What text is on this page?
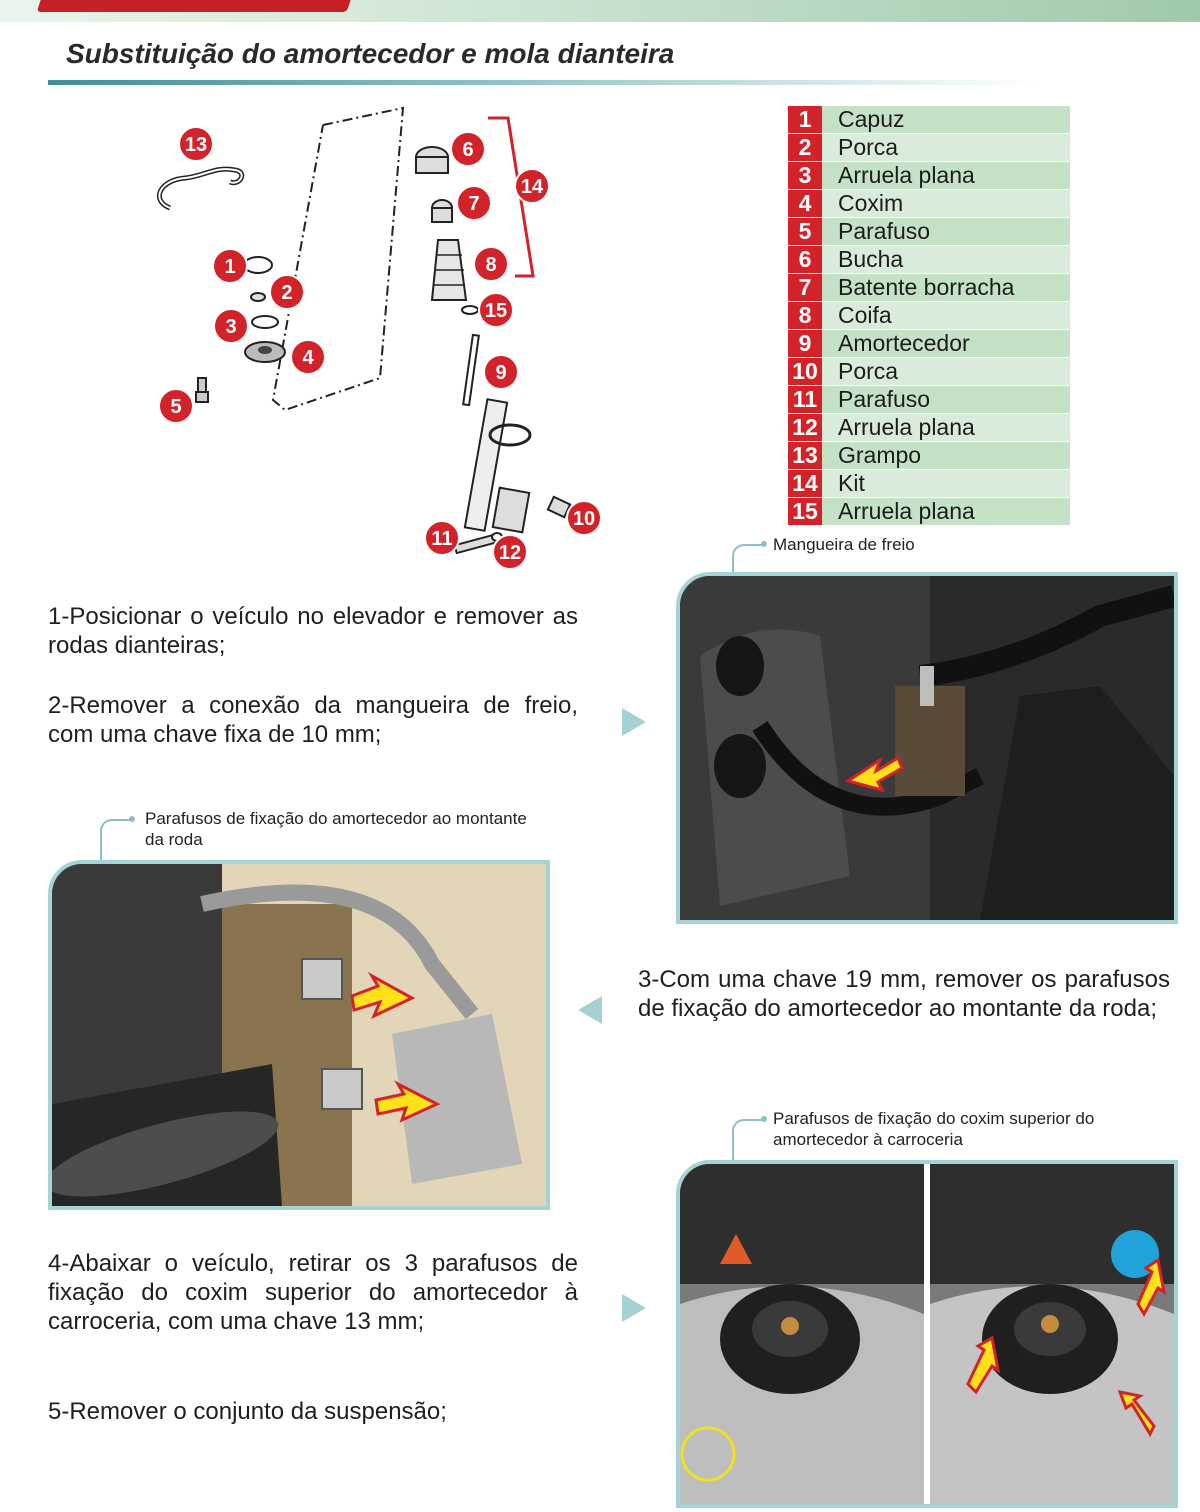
Substituição do amortecedor e mola dianteira
13	6
14
7
1	8
2
15
3
4
9
5
10
11
12
1	Capuz
2	Porca
3	Arruela plana
4	Coxim
5	Parafuso
6	Bucha
7	Batente borracha
8	Coifa
9	Amortecedor
10 Porca
11 Parafuso
12 Arruela plana
13 Grampo
14 Kit
15 Arruela plana

1-Posicionar o veículo no elevador e remover as rodas dianteiras;

2-Remover a conexão da mangueira de freio, com uma chave fixa de 10 mm;

3-Com uma chave 19 mm, remover os parafusos de fixação do amortecedor ao montante da roda;

4-Abaixar o veículo, retirar os 3 parafusos de fixação do coxim superior do amortecedor à carroceria, com uma chave 13 mm;

5-Remover o conjunto da suspensão;

Mangueira de freio
Parafusos de fixação do amortecedor ao montante da roda
Parafusos de fixação do coxim superior do amortecedor à carroceria
